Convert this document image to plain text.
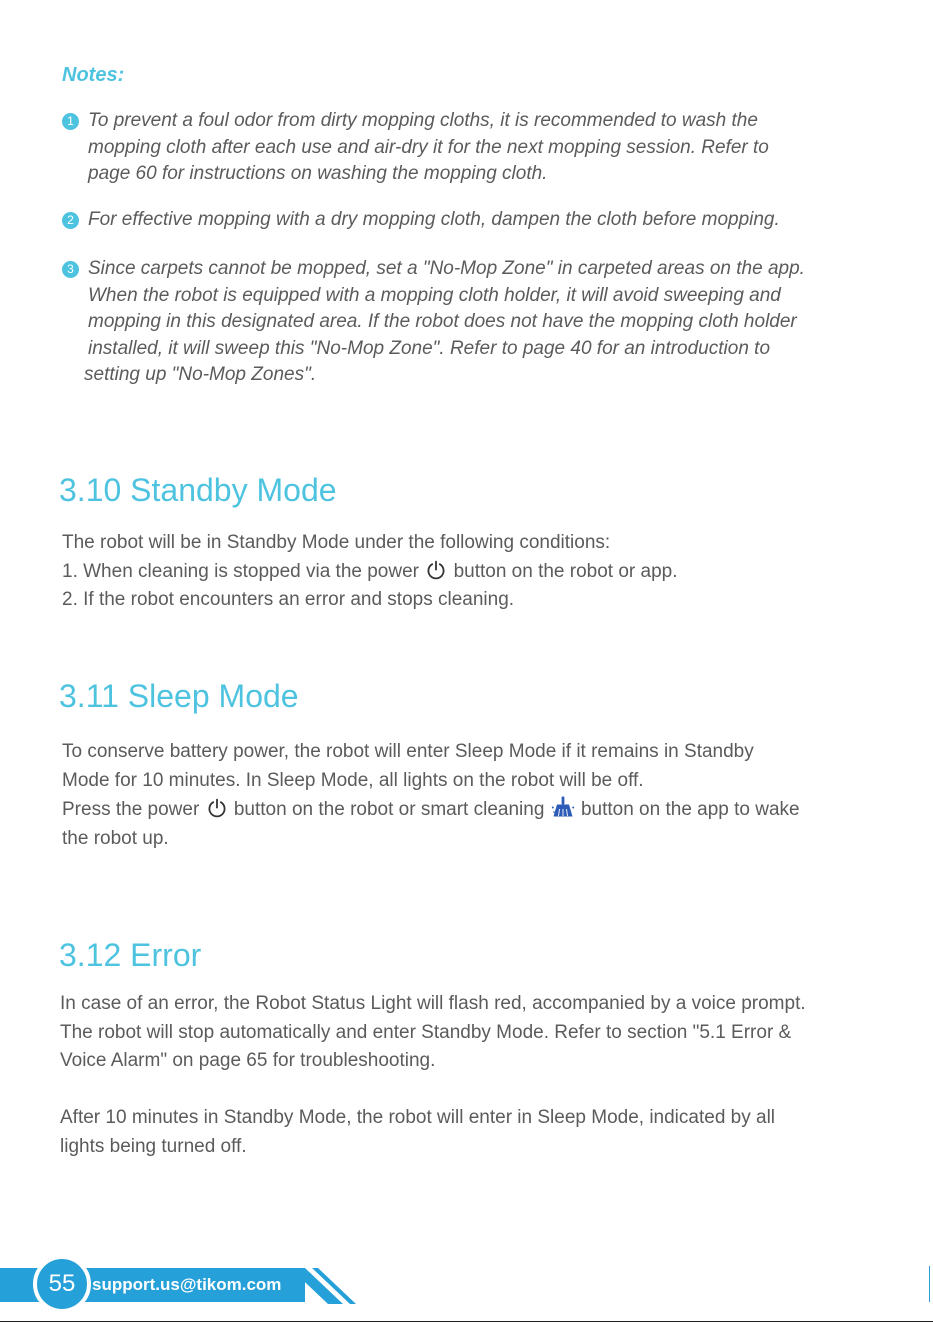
Notes:
1 To prevent a foul odor from dirty mopping cloths, it is recommended to wash the
mopping cloth after each use and air-dry it for the next mopping session. Refer to
page 60 for instructions on washing the mopping cloth.
2 For effective mopping with a dry mopping cloth, dampen the cloth before mopping.
3 Since carpets cannot be mopped, set a "No-Mop Zone" in carpeted areas on the app.
When the robot is equipped with a mopping cloth holder, it will avoid sweeping and
mopping in this designated area. If the robot does not have the mopping cloth holder
installed, it will sweep this "No-Mop Zone". Refer to page 40 for an introduction to
setting up "No-Mop Zones".
3.10 Standby Mode
The robot will be in Standby Mode under the following conditions:
1. When cleaning is stopped via the power button on the robot or app.
2. If the robot encounters an error and stops cleaning.
3.11 Sleep Mode
To conserve battery power, the robot will enter Sleep Mode if it remains in Standby
Mode for 10 minutes. In Sleep Mode, all lights on the robot will be off.
Press the power button on the robot or smart cleaning button on the app to wake
the robot up.
3.12 Error
In case of an error, the Robot Status Light will flash red, accompanied by a voice prompt.
The robot will stop automatically and enter Standby Mode. Refer to section "5.1 Error &
Voice Alarm" on page 65 for troubleshooting.
After 10 minutes in Standby Mode, the robot will enter in Sleep Mode, indicated by all
lights being turned off.
55 support.us@tikom.com
